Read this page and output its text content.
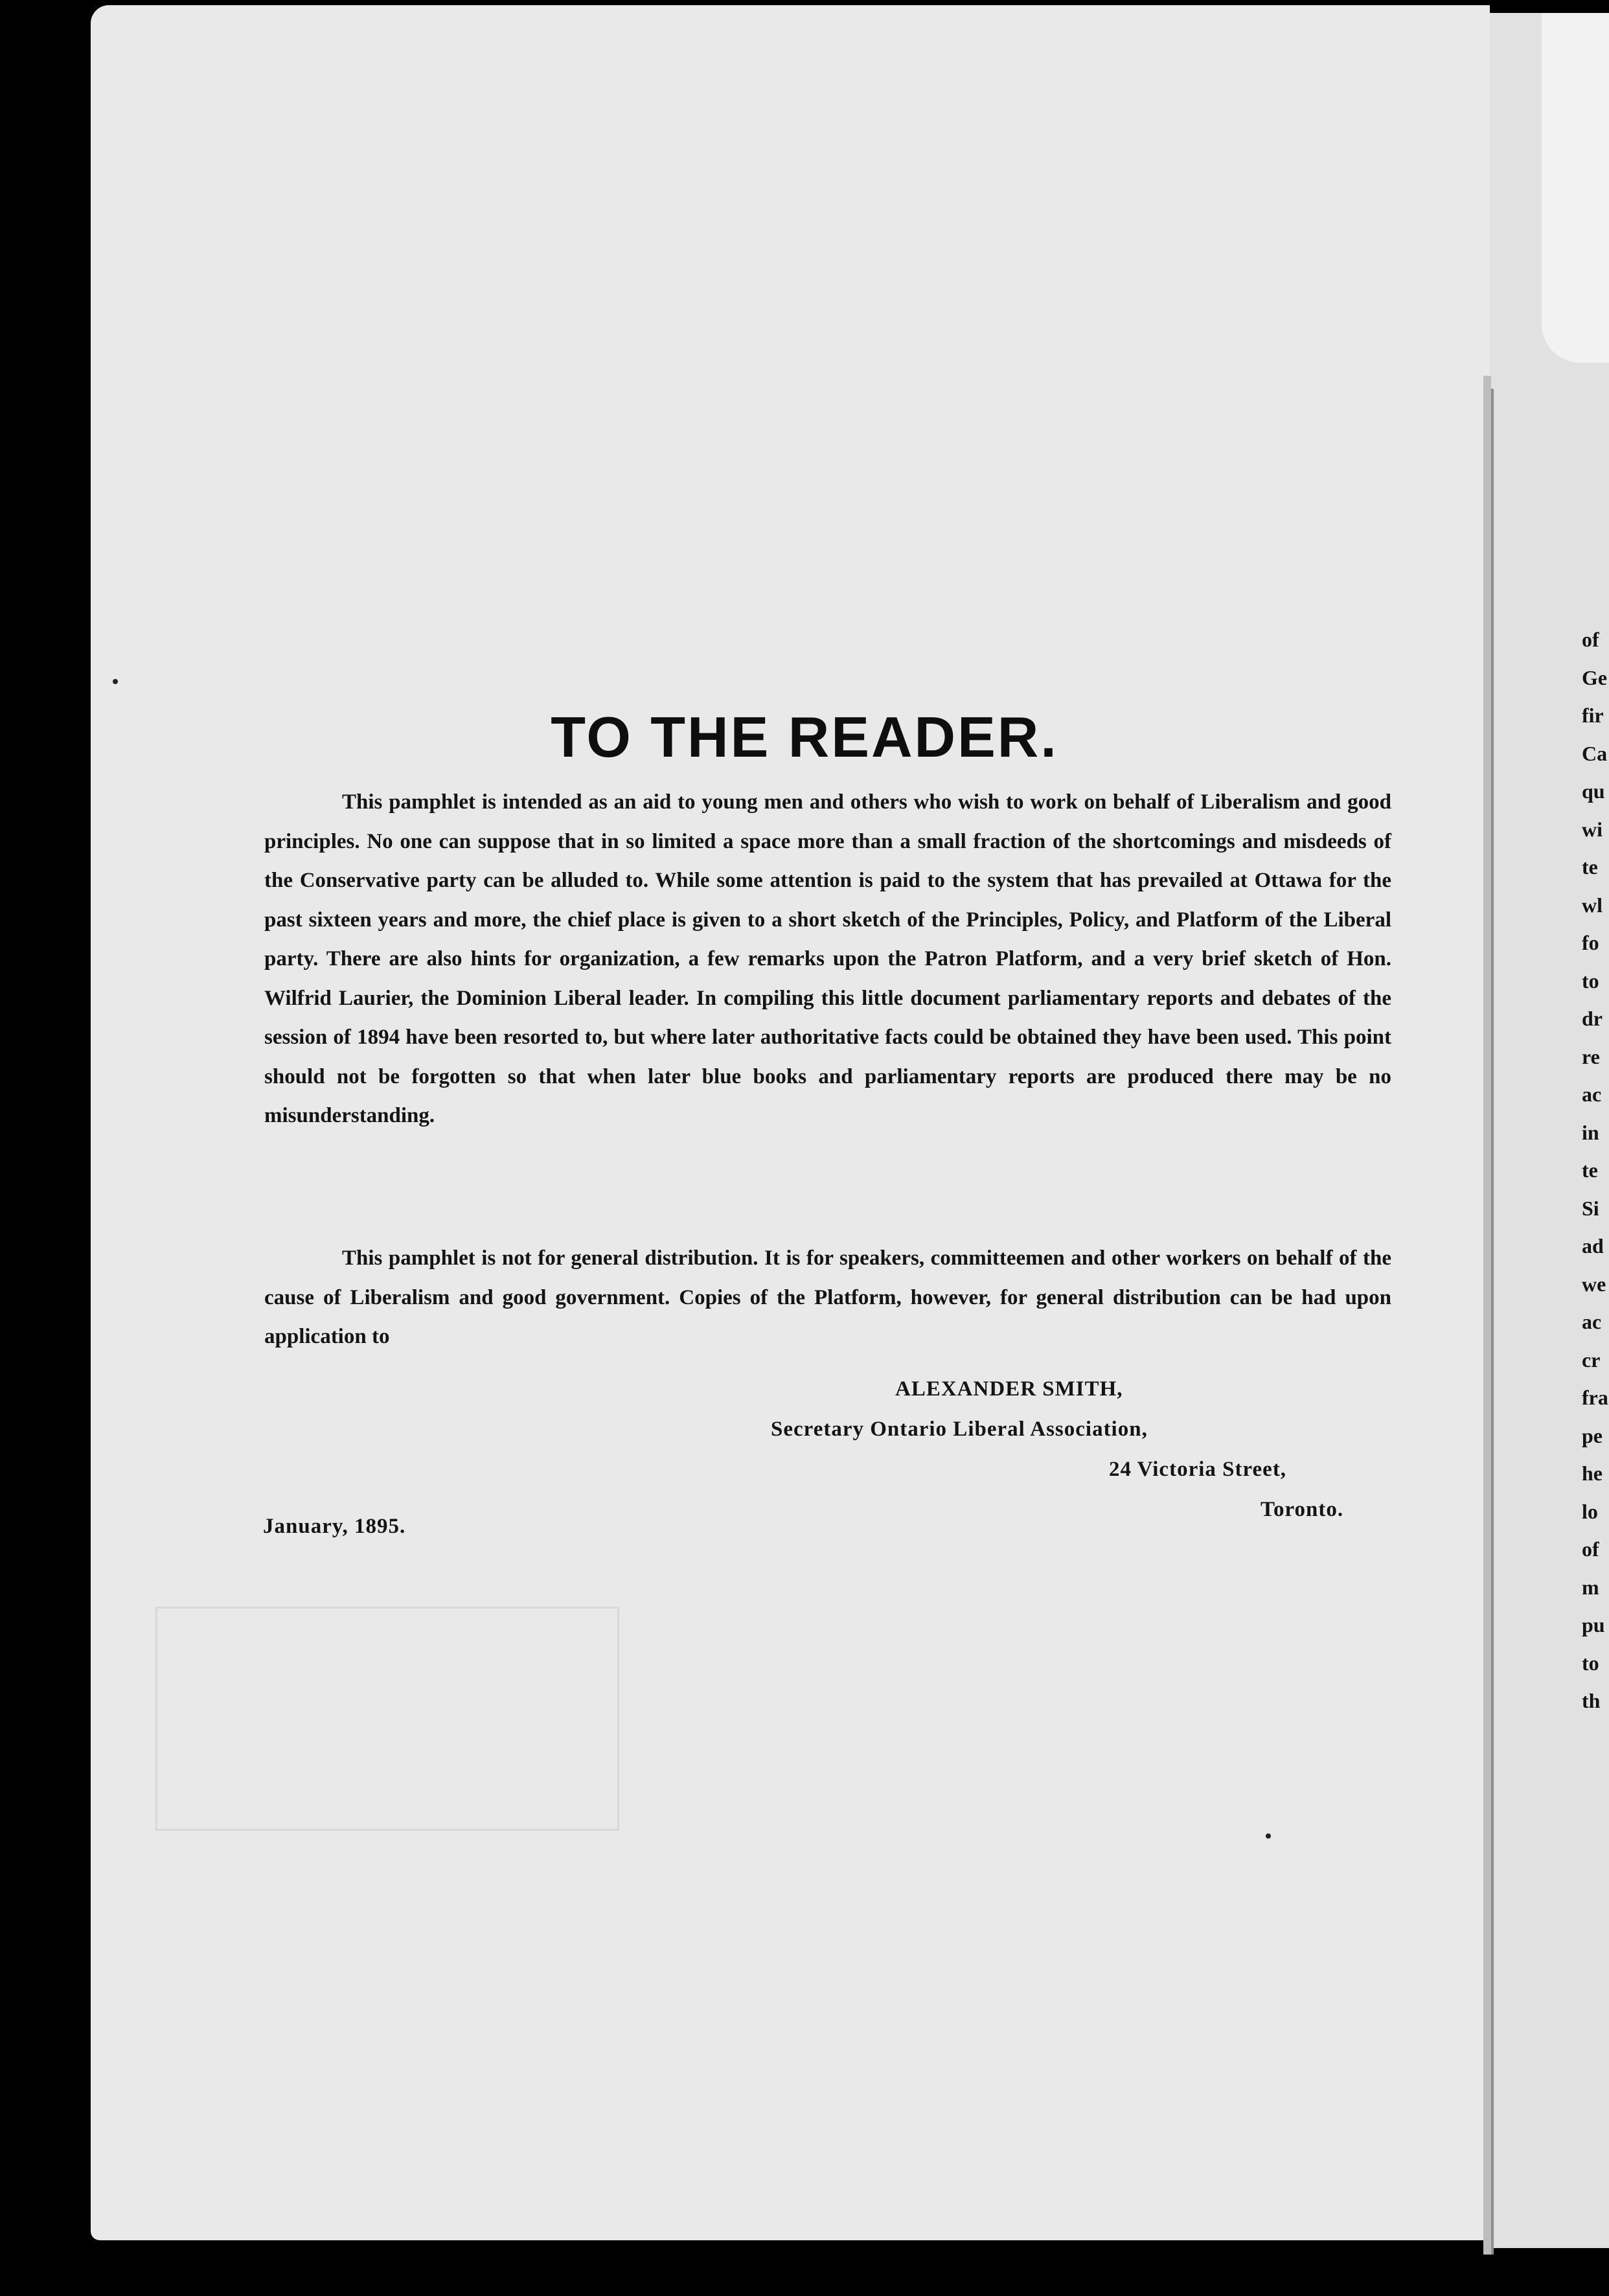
TO THE READER.

This pamphlet is intended as an aid to young men and others who wish to work on behalf of Liberalism and good principles. No one can suppose that in so limited a space more than a small fraction of the shortcomings and misdeeds of the Conservative party can be alluded to. While some attention is paid to the system that has prevailed at Ottawa for the past sixteen years and more, the chief place is given to a short sketch of the Principles, Policy, and Platform of the Liberal party. There are also hints for organization, a few remarks upon the Patron Platform, and a very brief sketch of Hon. Wilfrid Laurier, the Dominion Liberal leader. In compiling this little document parliamentary reports and debates of the session of 1894 have been resorted to, but where later authoritative facts could be obtained they have been used. This point should not be forgotten so that when later blue books and parliamentary reports are produced there may be no misunderstanding.

This pamphlet is not for general distribution. It is for speakers, committeemen and other workers on behalf of the cause of Liberalism and good government. Copies of the Platform, however, for general distribution can be had upon application to

ALEXANDER SMITH,
Secretary Ontario Liberal Association,
24 Victoria Street,
Toronto.
January, 1895.
of
Ge
fir
Ca
qu
wi
te
wl
fo
to
dr
re
ac
in
te
Si
ad
we
ac
cr
fra
pe
he
lo
of
m
pu
to
th
